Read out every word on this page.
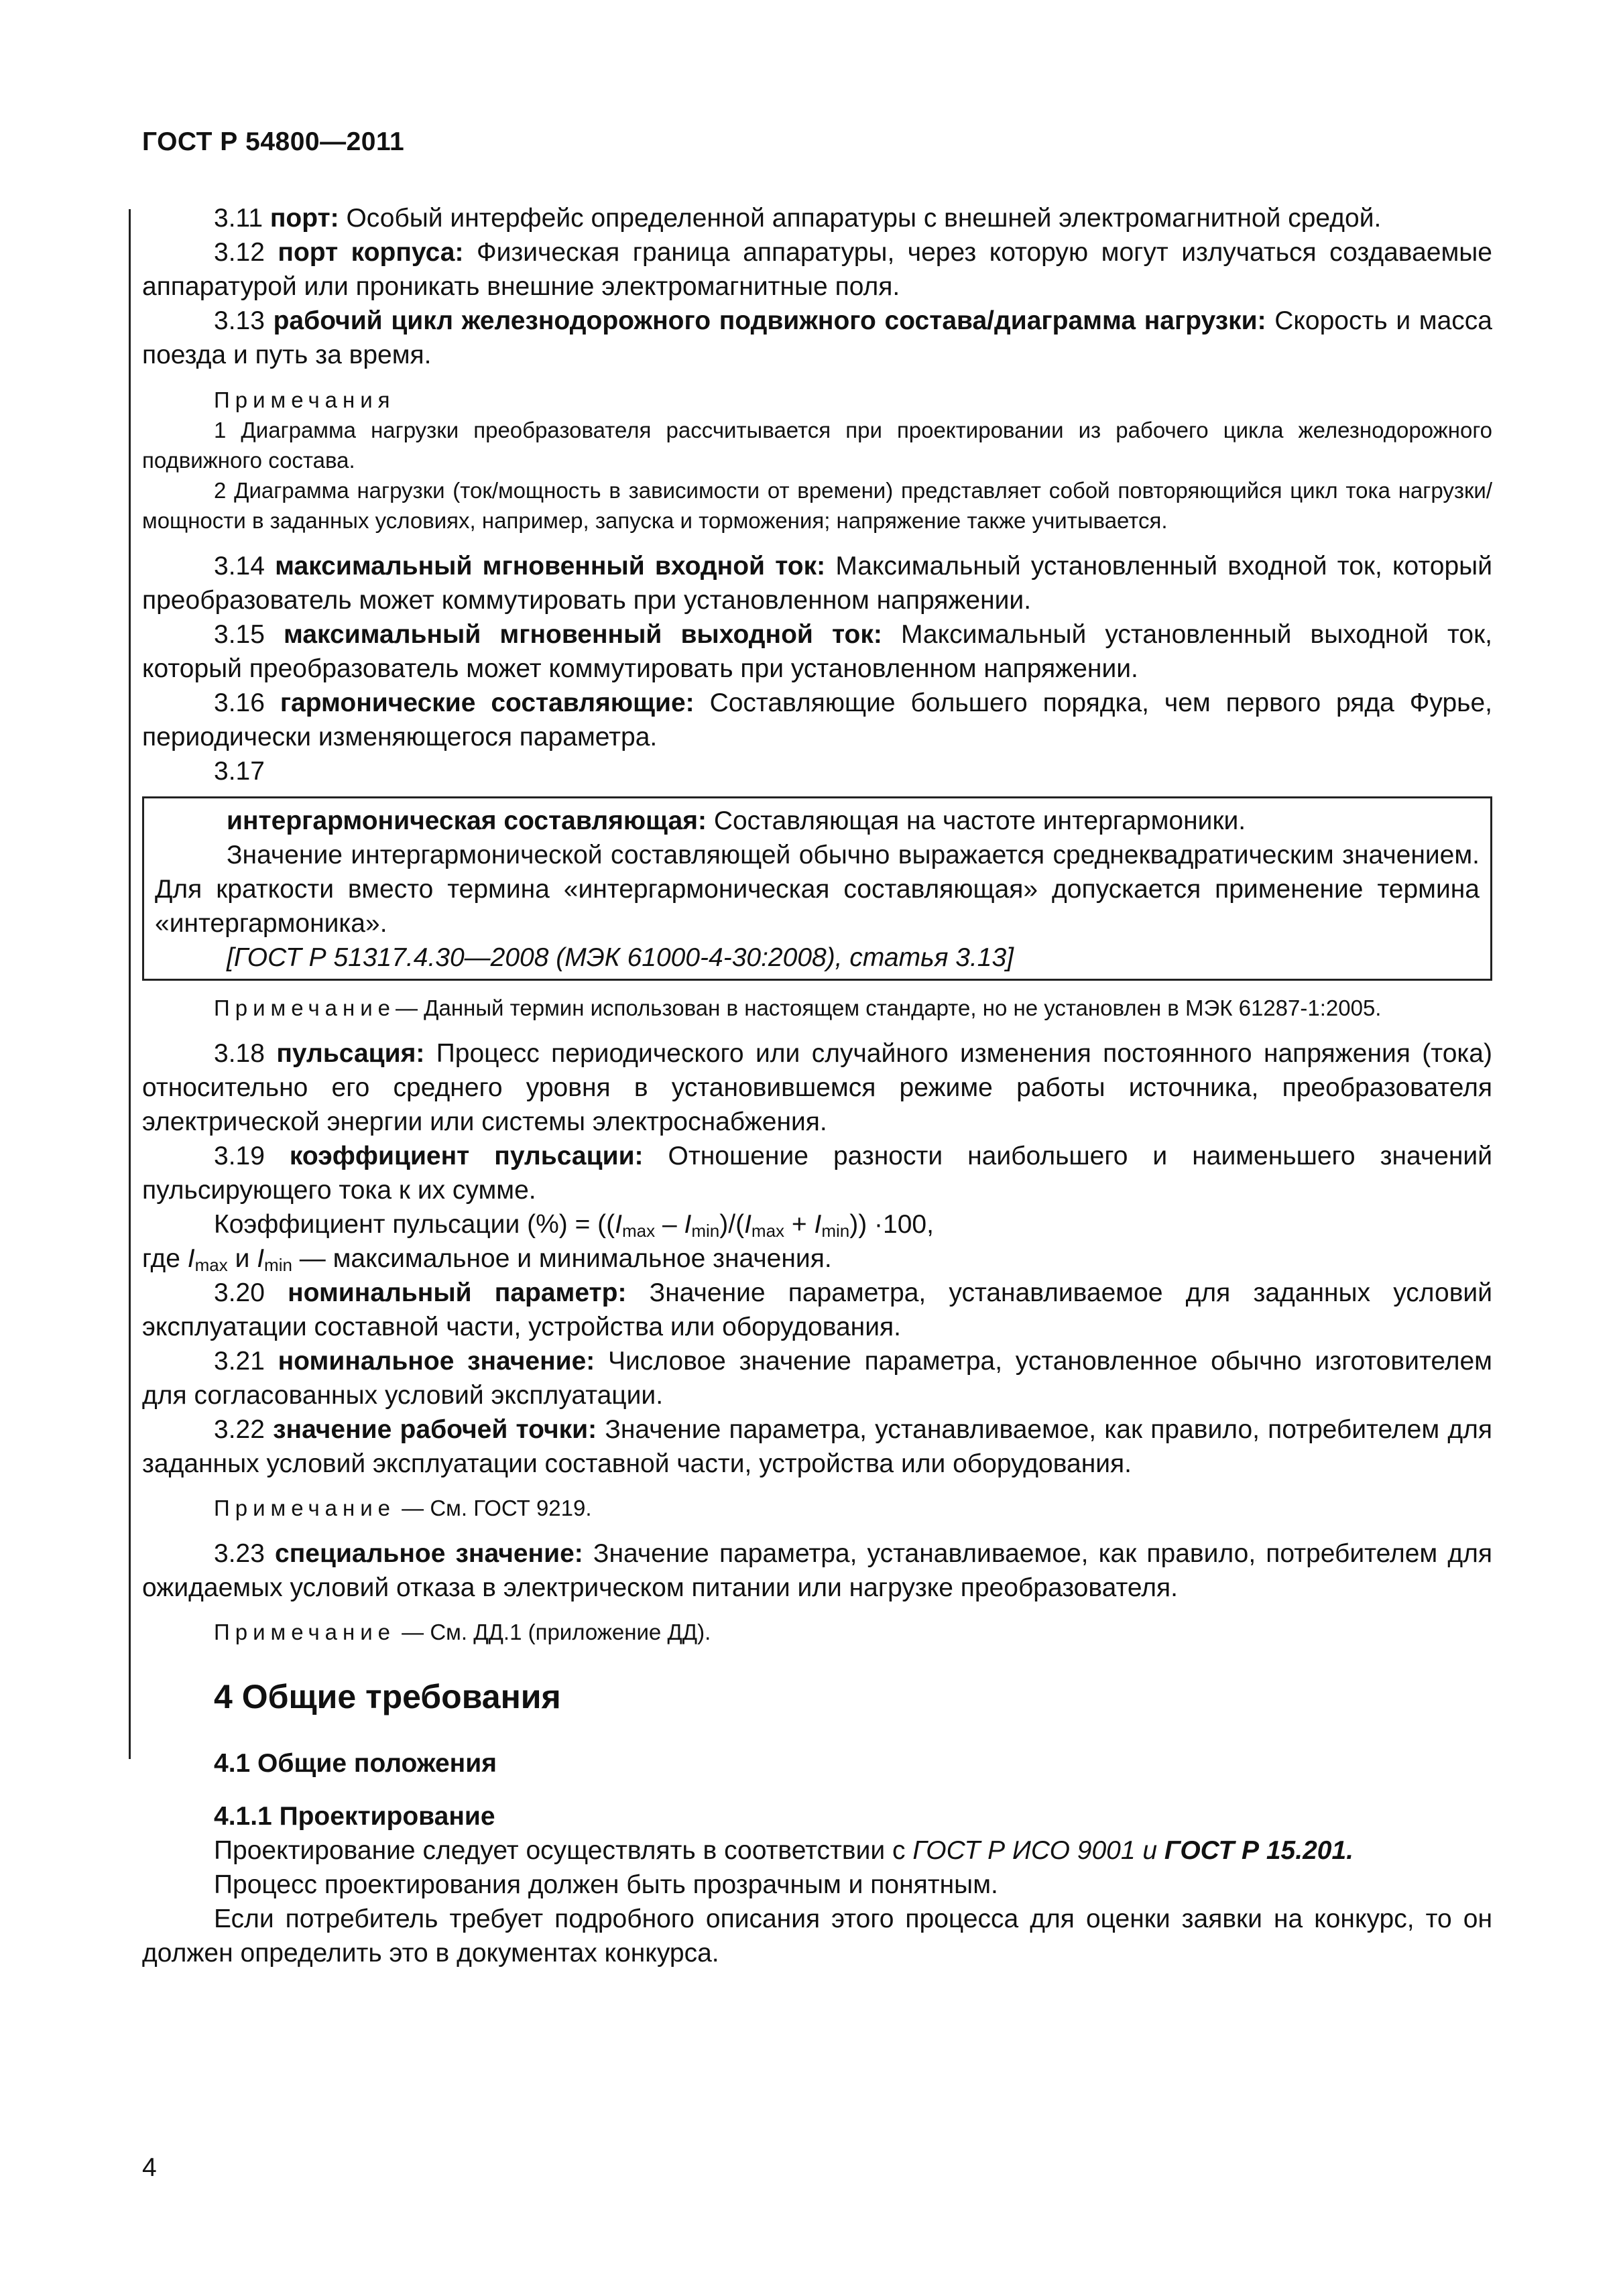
ГОСТ Р 54800—2011

3.11 порт: Особый интерфейс определенной аппаратуры с внешней электромагнитной средой.

3.12 порт корпуса: Физическая граница аппаратуры, через которую могут излучаться создаваемые аппаратурой или проникать внешние электромагнитные поля.

3.13 рабочий цикл железнодорожного подвижного состава/диаграмма нагрузки: Скорость и масса поезда и путь за время.

Примечания

1 Диаграмма нагрузки преобразователя рассчитывается при проектировании из рабочего цикла железнодорожного подвижного состава.

2 Диаграмма нагрузки (ток/мощность в зависимости от времени) представляет собой повторяющийся цикл тока нагрузки/мощности в заданных условиях, например, запуска и торможения; напряжение также учитывается.

3.14 максимальный мгновенный входной ток: Максимальный установленный входной ток, который преобразователь может коммутировать при установленном напряжении.

3.15 максимальный мгновенный выходной ток: Максимальный установленный выходной ток, который преобразователь может коммутировать при установленном напряжении.

3.16 гармонические составляющие: Составляющие большего порядка, чем первого ряда Фурье, периодически изменяющегося параметра.

3.17

интергармоническая составляющая: Составляющая на частоте интергармоники.

Значение интергармонической составляющей обычно выражается среднеквадратическим значением. Для краткости вместо термина «интергармоническая составляющая» допускается применение термина «интергармоника».

[ГОСТ Р 51317.4.30—2008 (МЭК 61000-4-30:2008), статья 3.13]

Примечание— Данный термин использован в настоящем стандарте, но не установлен в МЭК 61287-1:2005.

3.18 пульсация: Процесс периодического или случайного изменения постоянного напряжения (тока) относительно его среднего уровня в установившемся режиме работы источника, преобразователя электрической энергии или системы электроснабжения.

3.19 коэффициент пульсации: Отношение разности наибольшего и наименьшего значений пульсирующего тока к их сумме.

Коэффициент пульсации (%) = $((I_{max} - I_{min})/(I_{max} + I_{min})) \cdot 100$,

где $I_{max}$ и $I_{min}$ — максимальное и минимальное значения.

3.20 номинальный параметр: Значение параметра, устанавливаемое для заданных условий эксплуатации составной части, устройства или оборудования.

3.21 номинальное значение: Числовое значение параметра, установленное обычно изготовителем для согласованных условий эксплуатации.

3.22 значение рабочей точки: Значение параметра, устанавливаемое, как правило, потребителем для заданных условий эксплуатации составной части, устройства или оборудования.

Примечание — См. ГОСТ 9219.

3.23 специальное значение: Значение параметра, устанавливаемое, как правило, потребителем для ожидаемых условий отказа в электрическом питании или нагрузке преобразователя.

Примечание — См. ДД.1 (приложение ДД).

4 Общие требования

4.1 Общие положения

4.1.1 Проектирование

Проектирование следует осуществлять в соответствии с ГОСТ Р ИСО 9001 и ГОСТ Р 15.201.

Процесс проектирования должен быть прозрачным и понятным.

Если потребитель требует подробного описания этого процесса для оценки заявки на конкурс, то он должен определить это в документах конкурса.

4
